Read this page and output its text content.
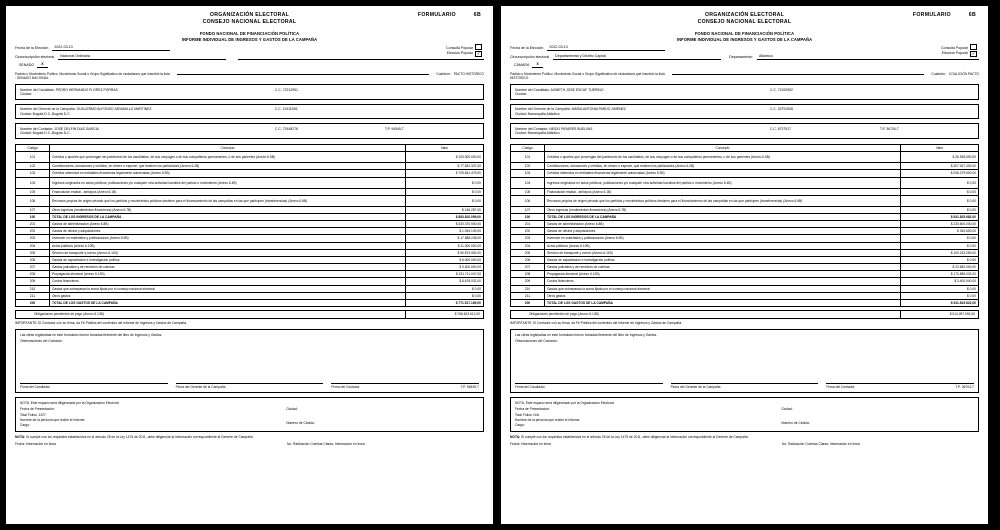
ORGANIZACIÓN ELECTORAL
CONSEJO NACIONAL ELECTORAL
FORMULARIO	6B
FONDO NACIONAL DE FINANCIACIÓN POLÍTICA
INFORME INDIVIDUAL DE INGRESOS Y GASTOS DE LA CAMPAÑA
Consulta Popular
Elección Popular ✓
Fecha de la Elección	2022-03-13
Circunscripción electoral	Nacional Ordinaria
SENADO	X
Partido o Movimiento Político, Movimiento Social o Grupo Significativo de ciudadanos que inscribió la lista	Coalición: PACTO HISTÓRICO
- SENADO NACIONAL
Nombre del Candidato: PEDRO HERNANDO FLOREZ PORRAS	C.C. 72212951
Ciudad:
Nombre del Gerente de la Campaña: GUILLERMO ALFONSO JARAMILLO MARTINEZ	C.C. 19111936
Ciudad: Bogotá D.C.,Bogotá D.C.
Nombre del Contador: JOSE DELFIN DIAZ GARCIA	C.C. 79148276	T.P. 94545-T
Ciudad: Bogotá D.C.,Bogotá D.C.
Código	Concepto	Valor
101	Créditos o aportes que provengan del patrimonio de los candidatos, de sus cónyuges o de sus compañeros permanentes, o de sus parientes (Anexo 6.5B)	$ 100.000.000,00
102	Contribuciones, donaciones y créditos, en dinero o especie, que realicen los particulares (Anexo 6.2B)	$ 77.832.337,00
103	Créditos obtenidos en entidades financieras legalmente autorizadas (Anexo 6.3B)	$ 705.841.475,00
104	Ingresos originados en actos públicos, publicaciones y/o cualquier otra actividad lucrativa del partido o movimiento (Anexo 6.4B)	$ 0,00
105	Financiación estatal - anticipos (Anexo 6.1B)	$ 0,00
106	Recursos propios de origen privado que los partidos y movimientos políticos destinen para el financiamiento de las campañas en las que participen (transferencias) (Anexo 6.6B)	$ 0,00
107	Otros ingresos (rendimientos financieros) (Anexo 6.7B)	$ 136.287,00
100	TOTAL DE LOS INGRESOS DE LA CAMPAÑA	$ 883.810.099,00
201	Gastos de administración (Anexo 6.8B)	$ 330.370.900,00
202	Gastos de oficina y adquisiciones	$ 1.094.109,00
203	Inversión en materiales y publicaciones (Anexo 6.9B)	$ 17.588.236,00
204	Actos públicos (Anexo 6.10B)	$ 11.000.000,00
205	Servicio de transporte y correo (Anexo 6.11B)	$ 60.873.952,00
206	Gastos de capacitación e investigación política	$ 6.000.000,00
207	Gastos judiciales y de rendición de cuentas	$ 9.400.000,00
208	Propaganda electoral (Anexo 6.12B)	$ 331.711.047,00
209	Costos financieros	$ 8.678.931,00
210	Gastos que sobrepasan la suma fijada por el consejo nacional electoral	$ 0,00
211	Otros gastos	$ 0,00
200	TOTAL DE LOS GASTOS DE LA CAMPAÑA	$ 771.517.169,00
Obligaciones pendientes de pago (Anexo 6.13B)	$ 766.623.612,00
IMPORTANTE: El Contador con su firma, da Fé Pública del contenido del Informe de Ingresos y Gastos de Campaña.
Las cifras registradas en este formulario fueron tomadas fielmente del libro de Ingresos y Gastos.
Observaciones del Contador:
Firma del Candidato	Firma del Gerente de la Campaña	Firma del Contador	T.P. 94545-T
NOTA: Este espacio será diligenciado por la Organización Electoral.
Fecha de Presentación:
Total Folios: 1207
Nombre de la persona que recibe el informe:
Cargo:
Ciudad:
Número de Cédula:
NOTA: Si cumple con los requisitos establecidos en el artículo 25 de la Ley 1475 de 2011, debe diligenciar la información correspondiente al Gerente de Campaña
Fecha: Información en línea	No. Radicación Cuentas Claras: Información en línea
ORGANIZACIÓN ELECTORAL
CONSEJO NACIONAL ELECTORAL
FORMULARIO	6B
FONDO NACIONAL DE FINANCIACIÓN POLÍTICA
INFORME INDIVIDUAL DE INGRESOS Y GASTOS DE LA CAMPAÑA
Consulta Popular
Elección Popular ✓
Fecha de la Elección	2022-03-13
Circunscripción electoral	Departamental y Distrito Capital	Departamento:	Atlántico
CÁMARA	X
Partido o Movimiento Político, Movimiento Social o Grupo Significativo de ciudadanos que inscribió la lista	Coalición: COALICIÓN PACTO
HISTÓRICO
Nombre del Candidato: AGMETH JOSE ESCAF TIJERINO	C.C. 72192592
Ciudad:
Nombre del Gerente de la Campaña: MARIA ANTONIA PARDO JIMENEZ	C.C. 32791508
Ciudad: Barranquilla,Atlántico
Nombre del Contador: NEIDO PAYARES BUELVAS	C.C. 8737517	T.P. 36704-T
Ciudad: Barranquilla,Atlántico
Código	Concepto	Valor
101	Créditos o aportes que provengan del patrimonio de los candidatos, de sus cónyuges o de sus compañeros permanentes, o de sus parientes (Anexo 6.5B)	$ 26.538.590,00
102	Contribuciones, donaciones y créditos, en dinero o especie, que realicen los particulares (Anexo 6.2B)	$ 307.007.492,00
103	Créditos obtenidos en entidades financieras legalmente autorizadas (Anexo 6.3B)	$ 208.279.600,00
104	Ingresos originados en actos públicos, publicaciones y/o cualquier otra actividad lucrativa del partido o movimiento (Anexo 6.4B)	$ 0,00
105	Financiación estatal - anticipos (Anexo 6.1B)	$ 0,00
106	Recursos propios de origen privado que los partidos y movimientos políticos destinen para el financiamiento de las campañas en las que participen (transferencias) (Anexo 6.6B)	$ 0,00
107	Otros ingresos (rendimientos financieros) (Anexo 6.7B)	$ 0,00
100	TOTAL DE LOS INGRESOS DE LA CAMPAÑA	$ 541.825.682,00
201	Gastos de administración (Anexo 6.8B)	$ 233.600.000,00
202	Gastos de oficina y adquisiciones	$ 340.600,00
203	Inversión en materiales y publicaciones (Anexo 6.9B)	$ 0,00
204	Actos públicos (Anexo 6.10B)	$ 0,00
205	Servicio de transporte y correo (Anexo 6.11B)	$ 109.243.250,00
206	Gastos de capacitación e investigación política	$ 0,00
207	Gastos judiciales y de rendición de cuentas	$ 23.650.000,00
208	Propaganda electoral (Anexo 6.12B)	$ 170.585.032,00
209	Costos financieros	$ 3.400.940,00
210	Gastos que sobrepasan la suma fijada por el consejo nacional electoral	$ 0,00
211	Otros gastos	$ 0,00
200	TOTAL DE LOS GASTOS DE LA CAMPAÑA	$ 541.819.822,00
Obligaciones pendientes de pago (Anexo 6.13B)	$ 514.287.092,00
IMPORTANTE: El Contador con su firma, da Fé Pública del contenido del Informe de Ingresos y Gastos de Campaña.
Las cifras registradas en este formulario fueron tomadas fielmente del libro de Ingresos y Gastos.
Observaciones del Contador:
Firma del Candidato	Firma del Gerente de la Campaña	Firma del Contador	T.P. 36704-T
NOTA: Este espacio será diligenciado por la Organización Electoral.
Fecha de Presentación:
Total Folios: N/A
Nombre de la persona que recibe el informe:
Cargo:
Ciudad:
Número de Cédula:
NOTA: Si cumple con los requisitos establecidos en el artículo 25 de la Ley 1475 de 2011, debe diligenciar la información correspondiente al Gerente de Campaña
Fecha: Información en línea	No. Radicación Cuentas Claras: Información en línea
